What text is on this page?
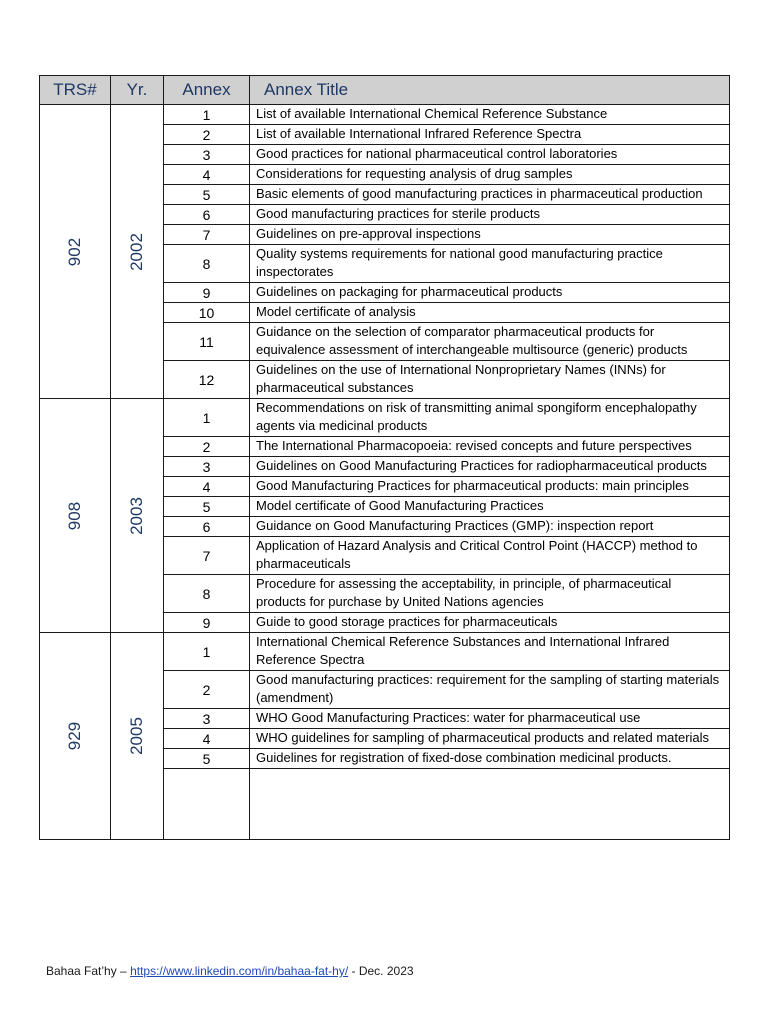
TRS#	Yr.	Annex	Annex Title
902	2002	1	List of available International Chemical Reference Substance
		2	List of available International Infrared Reference Spectra
		3	Good practices for national pharmaceutical control laboratories
		4	Considerations for requesting analysis of drug samples
		5	Basic elements of good manufacturing practices in pharmaceutical production
		6	Good manufacturing practices for sterile products
		7	Guidelines on pre-approval inspections
		8	Quality systems requirements for national good manufacturing practice inspectorates
		9	Guidelines on packaging for pharmaceutical products
		10	Model certificate of analysis
		11	Guidance on the selection of comparator pharmaceutical products for equivalence assessment of interchangeable multisource (generic) products
		12	Guidelines on the use of International Nonproprietary Names (INNs) for pharmaceutical substances
908	2003	1	Recommendations on risk of transmitting animal spongiform encephalopathy agents via medicinal products
		2	The International Pharmacopoeia: revised concepts and future perspectives
		3	Guidelines on Good Manufacturing Practices for radiopharmaceutical products
		4	Good Manufacturing Practices for pharmaceutical products: main principles
		5	Model certificate of Good Manufacturing Practices
		6	Guidance on Good Manufacturing Practices (GMP): inspection report
		7	Application of Hazard Analysis and Critical Control Point (HACCP) method to pharmaceuticals
		8	Procedure for assessing the acceptability, in principle, of pharmaceutical products for purchase by United Nations agencies
		9	Guide to good storage practices for pharmaceuticals
929	2005	1	International Chemical Reference Substances and International Infrared Reference Spectra
		2	Good manufacturing practices: requirement for the sampling of starting materials (amendment)
		3	WHO Good Manufacturing Practices: water for pharmaceutical use
		4	WHO guidelines for sampling of pharmaceutical products and related materials
		5	Guidelines for registration of fixed-dose combination medicinal products.

Bahaa Fat’hy – https://www.linkedin.com/in/bahaa-fat-hy/ - Dec. 2023
